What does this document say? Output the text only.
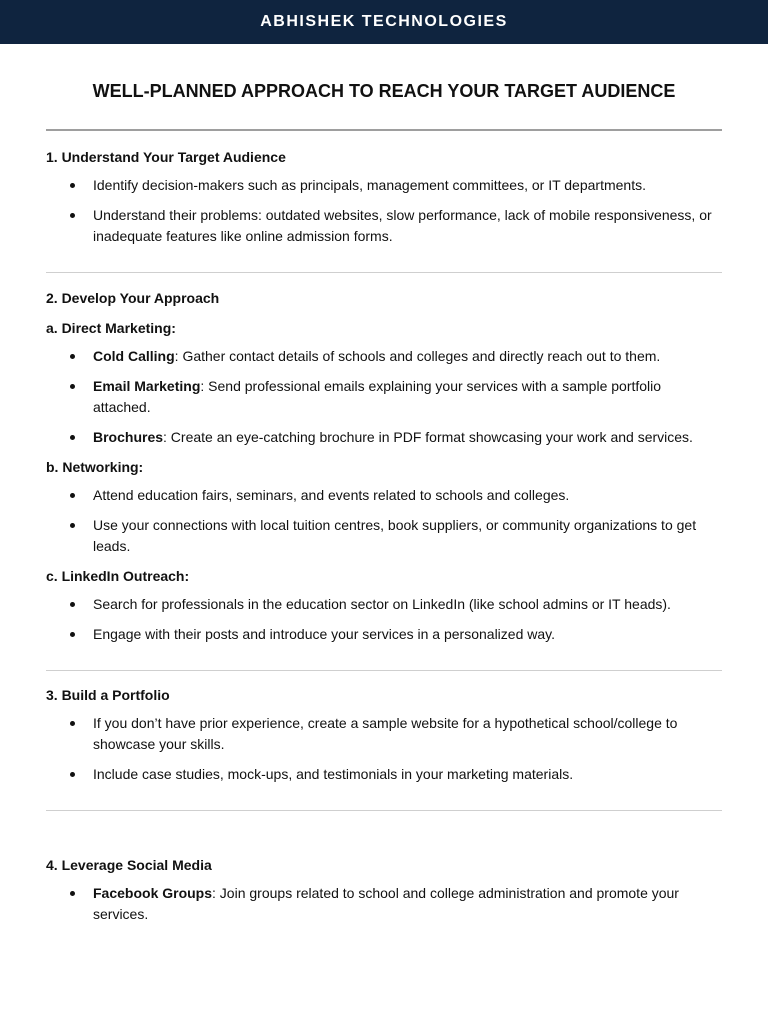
ABHISHEK TECHNOLOGIES
WELL-PLANNED APPROACH TO REACH YOUR TARGET AUDIENCE
1. Understand Your Target Audience
Identify decision-makers such as principals, management committees, or IT departments.
Understand their problems: outdated websites, slow performance, lack of mobile responsiveness, or inadequate features like online admission forms.
2. Develop Your Approach
a. Direct Marketing:
Cold Calling: Gather contact details of schools and colleges and directly reach out to them.
Email Marketing: Send professional emails explaining your services with a sample portfolio attached.
Brochures: Create an eye-catching brochure in PDF format showcasing your work and services.
b. Networking:
Attend education fairs, seminars, and events related to schools and colleges.
Use your connections with local tuition centres, book suppliers, or community organizations to get leads.
c. LinkedIn Outreach:
Search for professionals in the education sector on LinkedIn (like school admins or IT heads).
Engage with their posts and introduce your services in a personalized way.
3. Build a Portfolio
If you don’t have prior experience, create a sample website for a hypothetical school/college to showcase your skills.
Include case studies, mock-ups, and testimonials in your marketing materials.
4. Leverage Social Media
Facebook Groups: Join groups related to school and college administration and promote your services.
